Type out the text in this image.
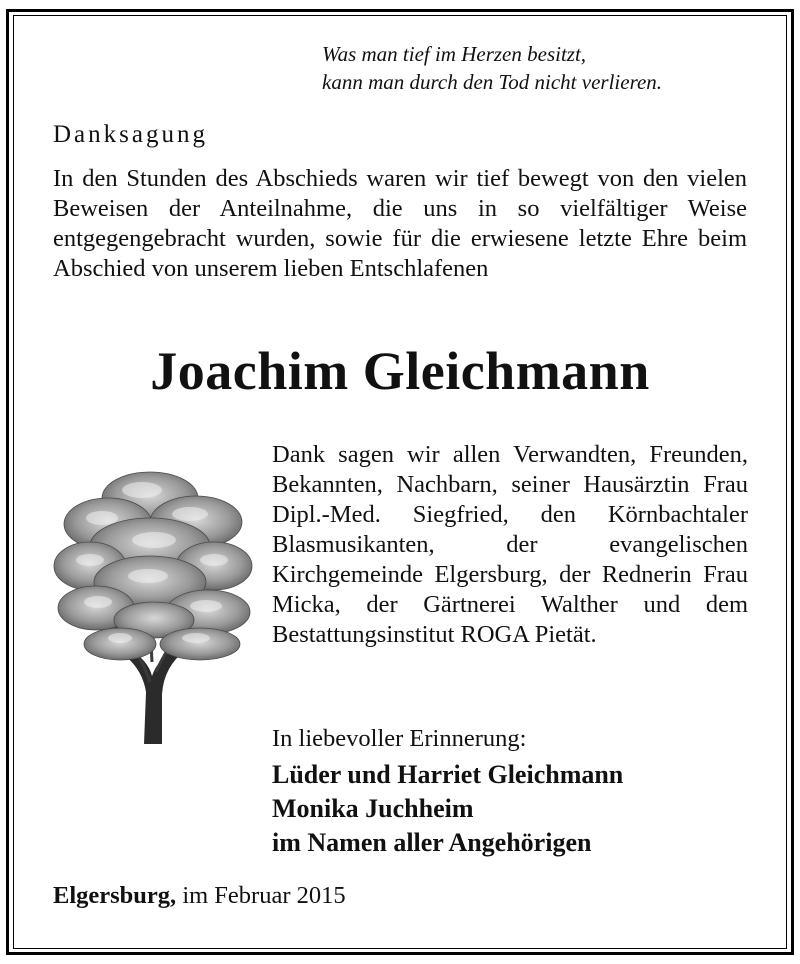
Was man tief im Herzen besitzt,
kann man durch den Tod nicht verlieren.
Danksagung
In den Stunden des Abschieds waren wir tief bewegt von den vielen Beweisen der Anteilnahme, die uns in so vielfältiger Weise entgegengebracht wurden, sowie für die erwiesene letzte Ehre beim Abschied von unserem lieben Entschlafenen
Joachim Gleichmann
Dank sagen wir allen Verwandten, Freunden, Bekannten, Nachbarn, seiner Hausärztin Frau Dipl.-Med. Siegfried, den Körnbachtaler Blasmusikanten, der evangelischen Kirchgemeinde Elgersburg, der Rednerin Frau Micka, der Gärtnerei Walther und dem Bestattungsinstitut ROGA Pietät.
In liebevoller Erinnerung:
Lüder und Harriet Gleichmann
Monika Juchheim
im Namen aller Angehörigen
Elgersburg, im Februar 2015
